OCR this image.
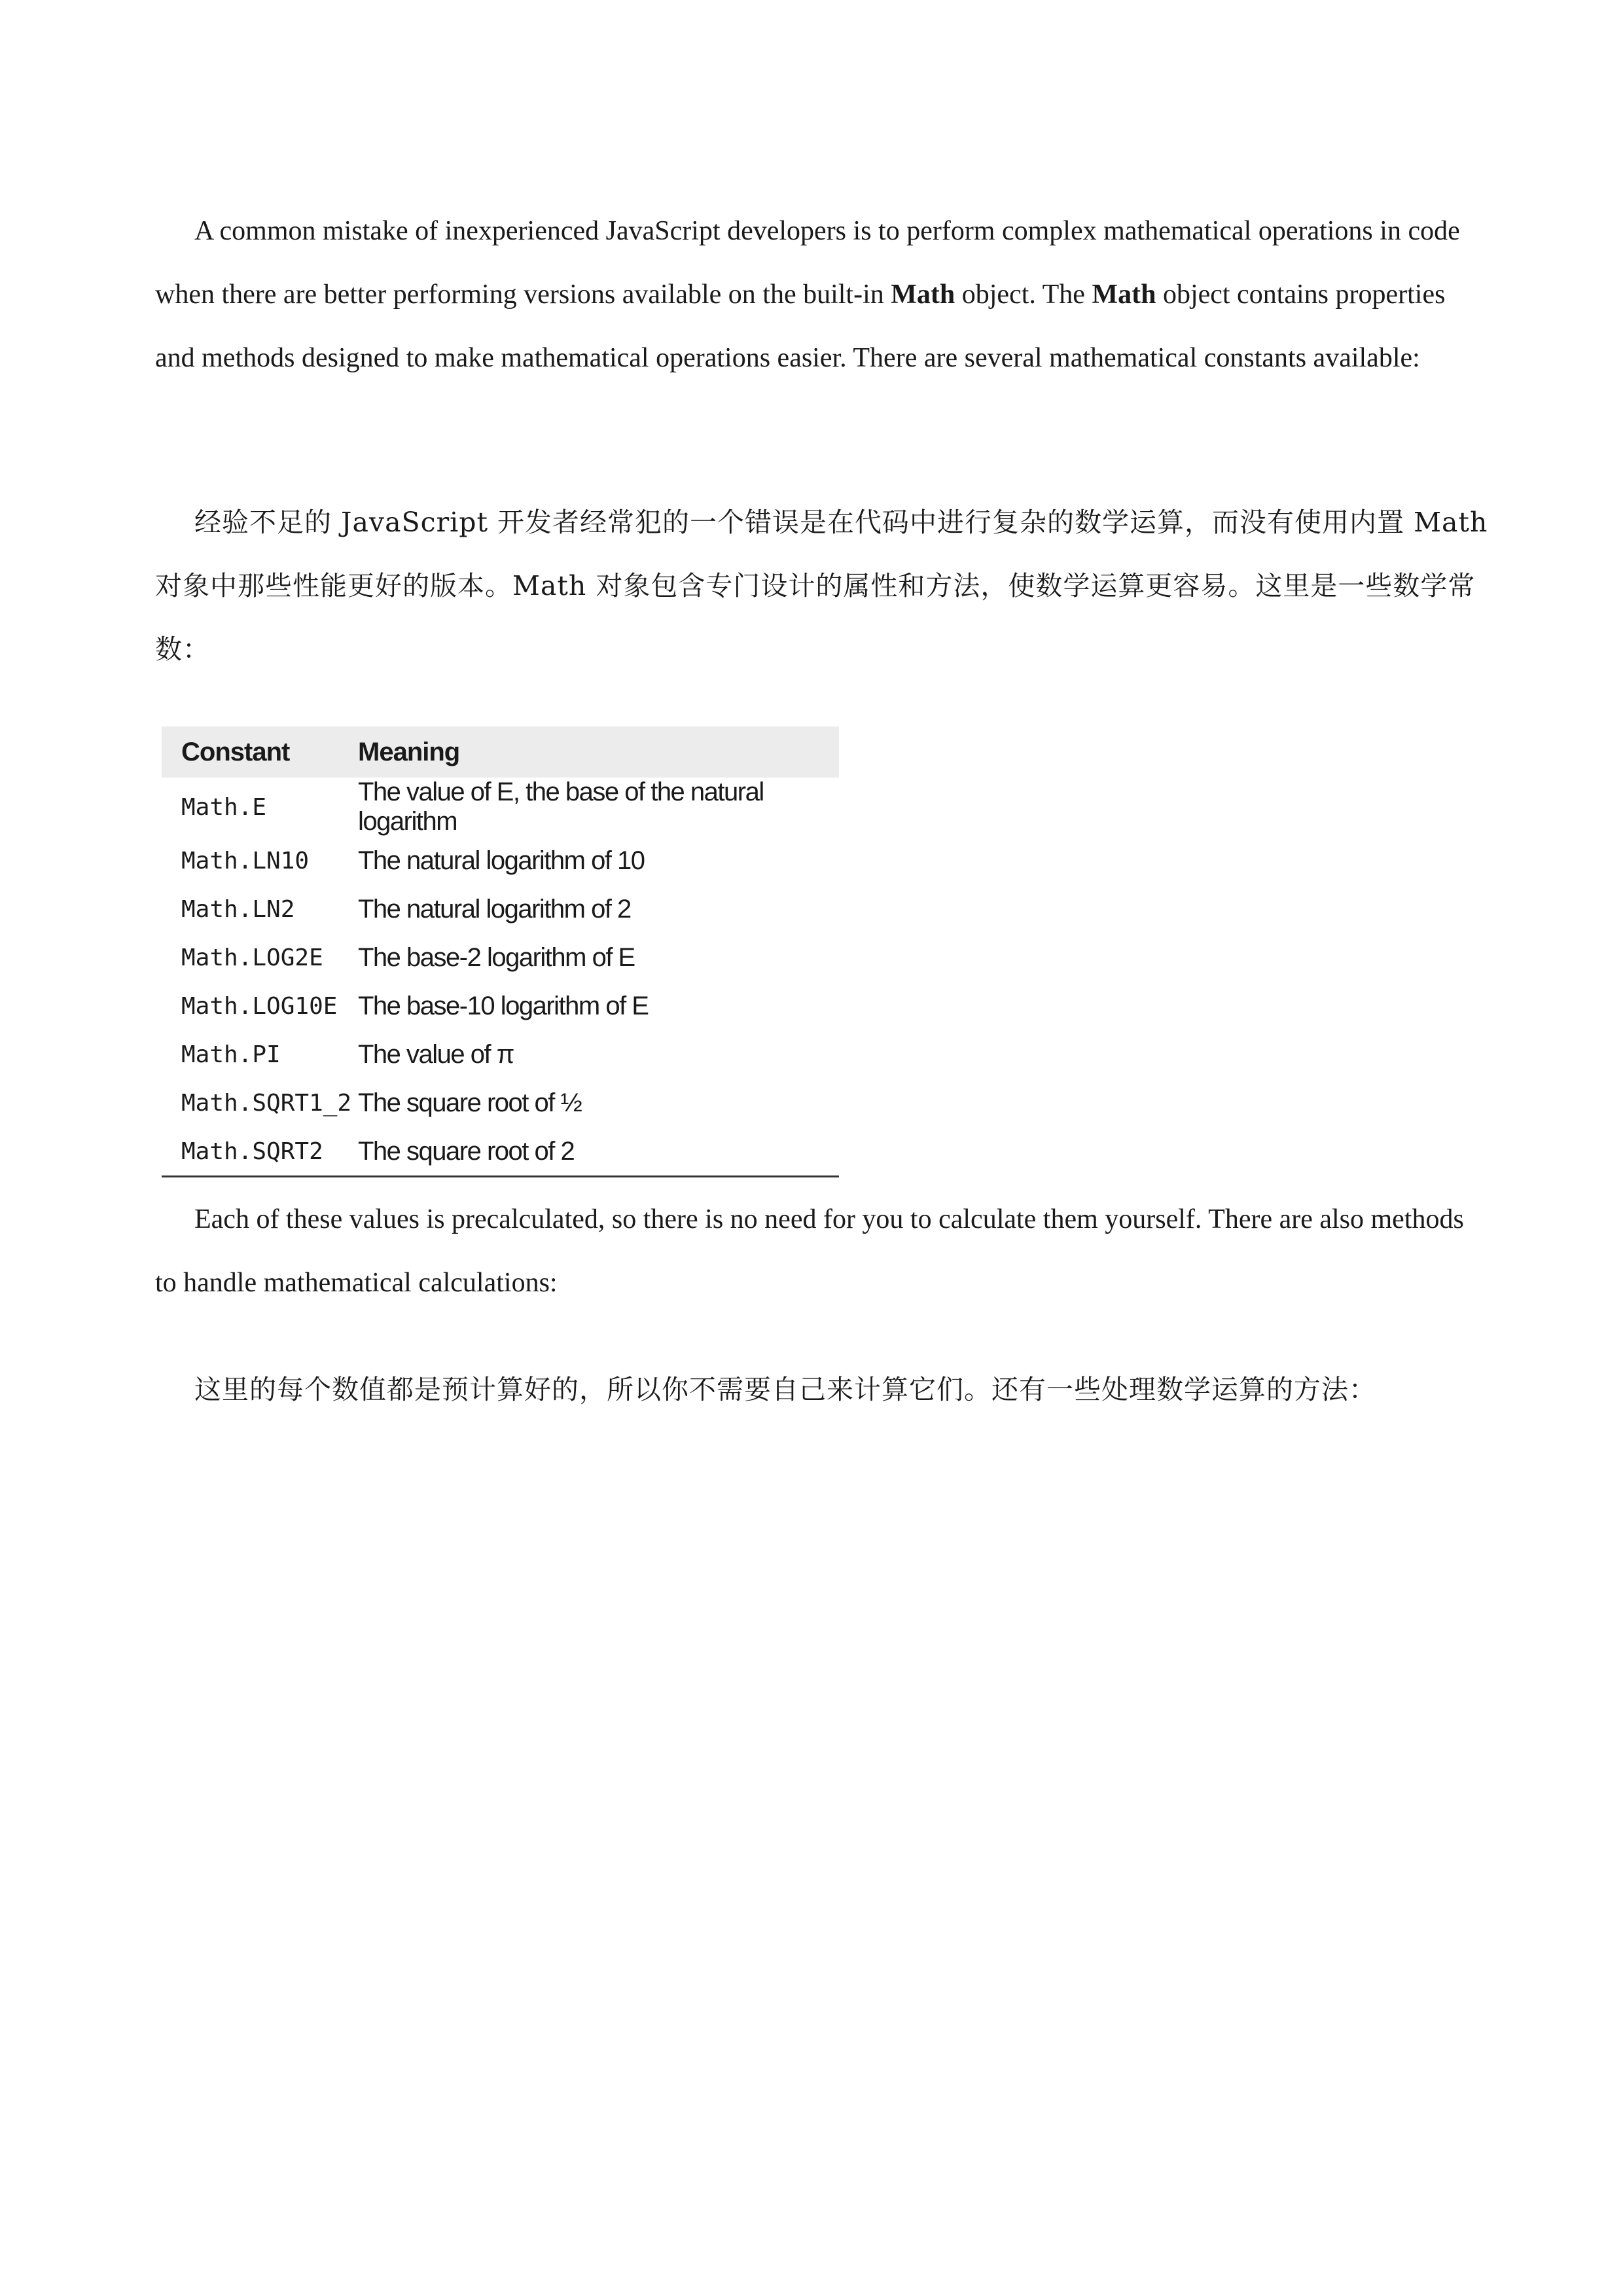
A common mistake of inexperienced JavaScript developers is to perform complex mathematical operations in code when there are better performing versions available on the built-in Math object. The Math object contains properties and methods designed to make mathematical operations easier. There are several mathematical constants available:

经验不足的 JavaScript 开发者经常犯的一个错误是在代码中进行复杂的数学运算，而没有使用内置 Math 对象中那些性能更好的版本。Math 对象包含专门设计的属性和方法，使数学运算更容易。这里是一些数学常数：

Constant	Meaning
Math.E	The value of E, the base of the natural logarithm
Math.LN10	The natural logarithm of 10
Math.LN2	The natural logarithm of 2
Math.LOG2E	The base-2 logarithm of E
Math.LOG10E	The base-10 logarithm of E
Math.PI	The value of π
Math.SQRT1_2	The square root of ½
Math.SQRT2	The square root of 2

Each of these values is precalculated, so there is no need for you to calculate them yourself. There are also methods to handle mathematical calculations:

这里的每个数值都是预计算好的，所以你不需要自己来计算它们。还有一些处理数学运算的方法：
